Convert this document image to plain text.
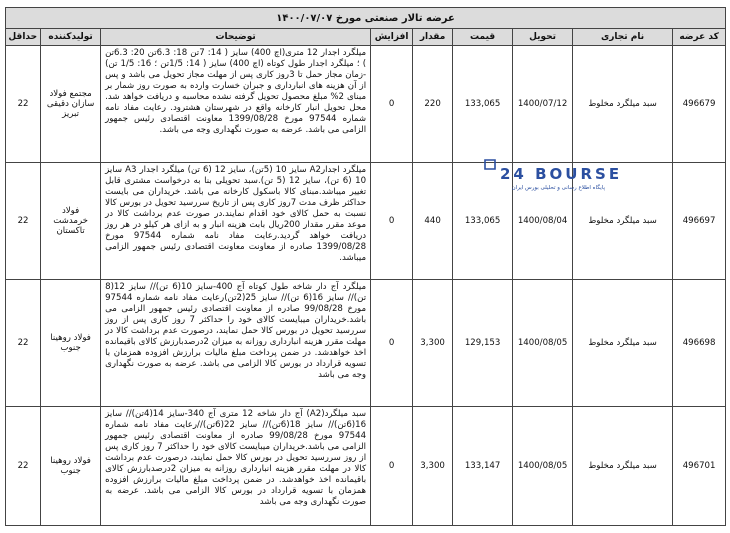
عرضه تالار صنعتی مورخ ۱۴۰۰/۰۷/۰۷								
کد عرضه	نام تجاری	تحویل	قیمت	مقدار	افزایش	توضیحات	تولیدکننده	حداقل
496679	سبد میلگرد مخلوط	1400/07/12	133,065	220	0	میلگرد اجدار 12 متری(اچ 400) سایز ( 14: 7تن 18: 6.3تن 20: 6.3تن ) ؛ میلگرد اجدار طول کوتاه (اچ 400) سایز ( 14: 1/5تن ؛ 16: 1/5 تن) -زمان مجاز حمل تا 3روز کاری پس از مهلت مجاز تحویل می باشد و پس از آن هزینه های انبارداری و جبران خسارت وارده به صورت روز شمار بر مبنای 2% مبلغ محصول تحویل گرفته نشده محاسبه و دریافت خواهد شد. محل تحویل انبار کارخانه واقع در شهرستان هشترود. رعایت مفاد نامه شماره 97544 مورخ 1399/08/28 معاونت اقتصادی رئیس جمهور الزامی می باشد. عرضه به صورت نگهداری وجه می باشد.	مجتمع فولاد سازان دقیقی تبریز	22
496697	سبد میلگرد مخلوط	1400/08/04	133,065	440	0	میلگرد اجدارA2 سایز 10 (5تن)، سایز 12 (6 تن) میلگرد اجدار A3 سایز 10 (6 تن)، سایز 12 (5 تن).سبد تحویلی بنا به درخواست مشتری قابل تغییر میباشد.مبنای کالا باسکول کارخانه می باشد. خریداران می بایست حداکثر ظرف مدت 7روز کاری پس از تاریخ سررسید تحویل در بورس کالا نسبت به حمل کالای خود اقدام نمایند.در صورت عدم برداشت کالا در موعد مقرر مقدار 200ریال بابت هزینه انبار و به ازای هر کیلو در هر روز دریافت خواهد گردید.رعایت مفاد نامه شماره 97544 مورخ 1399/08/28 صادره از معاونت معاونت اقتصادی رئیس جمهور الزامی میباشد.	فولاد خرمدشت تاکستان	22
496698	سبد میلگرد مخلوط	1400/08/05	129,153	3,300	0	میلگرد آج دار شاخه طول کوتاه آج 400-سایز 10(6 تن)// سایز 12(8 تن)// سایز 16(6 تن)// سایز 25(2تن)رعایت مفاد نامه شماره 97544 مورخ 99/08/28 صادره از معاونت اقتصادی رئیس جمهور الزامی می باشد.خریداران میبایست کالای خود را حداکثر 7 روز کاری پس از روز سررسید تحویل در بورس کالا حمل نمایند، درصورت عدم برداشت کالا در مهلت مقرر هزینه انبارداری روزانه به میزان 2درصدبارزش کالای باقیمانده اخذ خواهدشد. در ضمن پرداخت مبلغ مالیات برارزش افزوده همزمان با تسویه قرارداد در بورس کالا الزامی می باشد. عرضه به صورت نگهداری وجه می باشد	فولاد روهینا جنوب	22
496701	سبد میلگرد مخلوط	1400/08/05	133,147	3,300	0	سبد میلگرد(A2) آج دار شاخه 12 متری آج 340-سایز 14(4تن)// سایز 16(6تن)// سایز 18(6تن)// سایز 22(6تن)//رعایت مفاد نامه شماره 97544 مورخ 99/08/28 صادره از معاونت اقتصادی رئیس جمهور الزامی می باشد.خریداران میبایست کالای خود را حداکثر 7 روز کاری پس از روز سررسید تحویل در بورس کالا حمل نمایند، درصورت عدم برداشت کالا در مهلت مقرر هزینه انبارداری روزانه به میزان 2درصدبارزش کالای باقیمانده اخذ خواهدشد. در ضمن پرداخت مبلغ مالیات برارزش افزوده همزمان با تسویه قرارداد در بورس کالا الزامی می باشد. عرضه به صورت نگهداری وجه می باشد	فولاد روهینا جنوب	22
24 BOURSE
پایگاه اطلاع رسانی و تحلیلی بورس ایران
